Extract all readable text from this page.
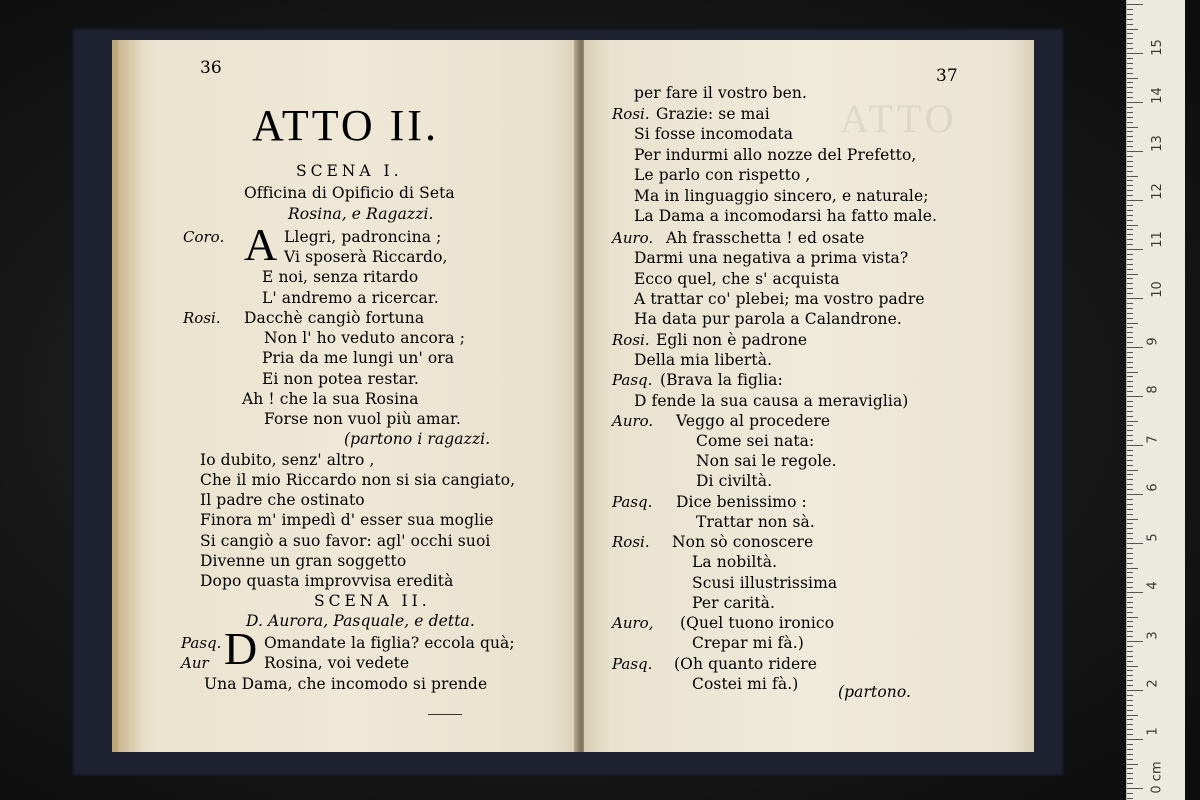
ATTO
36
ATTO II.
SCENA I.
Officina di Opificio di Seta
Rosina, e Ragazzi.
Coro. A Llegri, padroncina ;
Vi sposerà Riccardo,
E noi, senza ritardo
L' andremo a ricercar.
Rosi. Dacchè cangiò fortuna
Non l' ho veduto ancora ;
Pria da me lungi un' ora
Ei non potea restar.
Ah ! che la sua Rosina
Forse non vuol più amar.
(partono i ragazzi.
Io dubito, senz' altro ,
Che il mio Riccardo non si sia cangiato,
Il padre che ostinato
Finora m' impedì d' esser sua moglie
Si cangiò a suo favor: agl' occhi suoi
Divenne un gran soggetto
Dopo quasta improvvisa eredità
SCENA II.
D. Aurora, Pasquale, e detta.
Pasq. D Omandate la figlia? eccola quà;
Aur	Rosina, voi vedete
Una Dama, che incomodo si prende
37
per fare il vostro ben.
Rosi. Grazie: se mai
Si fosse incomodata
Per indurmi allo nozze del Prefetto,
Le parlo con rispetto ,
Ma in linguaggio sincero, e naturale;
La Dama a incomodarsi ha fatto male.
Auro. Ah frasschetta ! ed osate
Darmi una negativa a prima vista?
Ecco quel, che s' acquista
A trattar co' plebei; ma vostro padre
Ha data pur parola a Calandrone.
Rosi. Egli non è padrone
Della mia libertà.
Pasq. (Brava la figlia:
D fende la sua causa a meraviglia)
Auro. Veggo al procedere
Come sei nata:
Non sai le regole.
Di civiltà.
Pasq. Dice benissimo :
Trattar non sà.
Rosi. Non sò conoscere
La nobiltà.
Scusi illustrissima
Per carità.
Auro, (Quel tuono ironico
Crepar mi fà.)
Pasq. (Oh quanto ridere
Costei mi fà.)	(partono.
15
14
13
12
11
10
9
8
7
6
5
4
3
2
1
0 cm
